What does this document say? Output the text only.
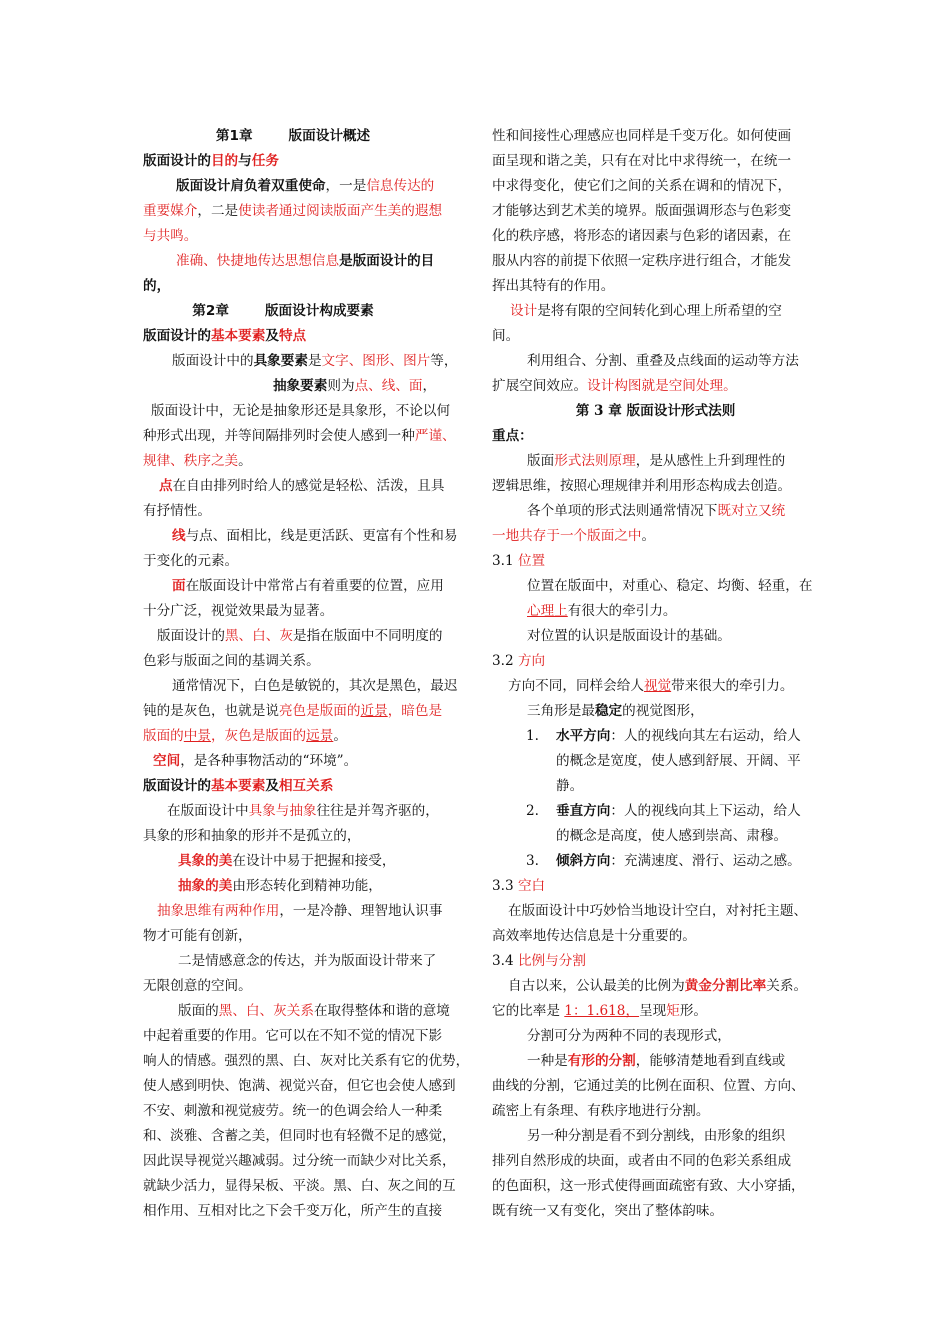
第1章	版面设计概述
版面设计的目的与任务
版面设计肩负着双重使命，一是信息传达的
重要媒介，二是使读者通过阅读版面产生美的遐想
与共鸣。
准确、快捷地传达思想信息是版面设计的目
的，
第2章	版面设计构成要素
版面设计的基本要素及特点
版面设计中的具象要素是文字、图形、图片等，
抽象要素则为点、线、面，
版面设计中，无论是抽象形还是具象形，不论以何
种形式出现，并等间隔排列时会使人感到一种严谨、
规律、秩序之美。
点在自由排列时给人的感觉是轻松、活泼，且具
有抒情性。
线与点、面相比，线是更活跃、更富有个性和易
于变化的元素。
面在版面设计中常常占有着重要的位置，应用
十分广泛，视觉效果最为显著。
版面设计的黑、白、灰是指在版面中不同明度的
色彩与版面之间的基调关系。
通常情况下，白色是敏锐的，其次是黑色，最迟
钝的是灰色，也就是说亮色是版面的近景，暗色是
版面的中景，灰色是版面的远景。
空间，是各种事物活动的“环境”。
版面设计的基本要素及相互关系
在版面设计中具象与抽象往往是并驾齐驱的，
具象的形和抽象的形并不是孤立的，
具象的美在设计中易于把握和接受，
抽象的美由形态转化到精神功能，
抽象思维有两种作用，一是冷静、理智地认识事
物才可能有创新，
二是情感意念的传达，并为版面设计带来了
无限创意的空间。
版面的黑、白、灰关系在取得整体和谐的意境
中起着重要的作用。它可以在不知不觉的情况下影
响人的情感。强烈的黑、白、灰对比关系有它的优势，
使人感到明快、饱满、视觉兴奋，但它也会使人感到
不安、刺激和视觉疲劳。统一的色调会给人一种柔
和、淡雅、含蓄之美，但同时也有轻微不足的感觉，
因此误导视觉兴趣减弱。过分统一而缺少对比关系，
就缺少活力，显得呆板、平淡。黑、白、灰之间的互
相作用、互相对比之下会千变万化，所产生的直接
性和间接性心理感应也同样是千变万化。如何使画
面呈现和谐之美，只有在对比中求得统一，在统一
中求得变化，使它们之间的关系在调和的情况下，
才能够达到艺术美的境界。版面强调形态与色彩变
化的秩序感，将形态的诸因素与色彩的诸因素，在
服从内容的前提下依照一定秩序进行组合，才能发
挥出其特有的作用。
设计是将有限的空间转化到心理上所希望的空
间。
利用组合、分割、重叠及点线面的运动等方法
扩展空间效应。设计构图就是空间处理。
第 3 章 版面设计形式法则
重点：
版面形式法则原理，是从感性上升到理性的
逻辑思维，按照心理规律并利用形态构成去创造。
各个单项的形式法则通常情况下既对立又统
一地共存于一个版面之中。
3.1 位置
位置在版面中，对重心、稳定、均衡、轻重，在
心理上有很大的牵引力。
对位置的认识是版面设计的基础。
3.2 方向
方向不同，同样会给人视觉带来很大的牵引力。
三角形是最稳定的视觉图形，
1.	水平方向：人的视线向其左右运动，给人
的概念是宽度，使人感到舒展、开阔、平
静。
2.	垂直方向：人的视线向其上下运动，给人
的概念是高度，使人感到崇高、肃穆。
3.	倾斜方向：充满速度、滑行、运动之感。
3.3 空白
在版面设计中巧妙恰当地设计空白，对衬托主题、
高效率地传达信息是十分重要的。
3.4 比例与分割
自古以来，公认最美的比例为黄金分割比率关系。
它的比率是 1：1.618，呈现矩形。
分割可分为两种不同的表现形式，
一种是有形的分割，能够清楚地看到直线或
曲线的分割，它通过美的比例在面积、位置、方向、
疏密上有条理、有秩序地进行分割。
另一种分割是看不到分割线，由形象的组织
排列自然形成的块面，或者由不同的色彩关系组成
的色面积，这一形式使得画面疏密有致、大小穿插，
既有统一又有变化，突出了整体韵味。
